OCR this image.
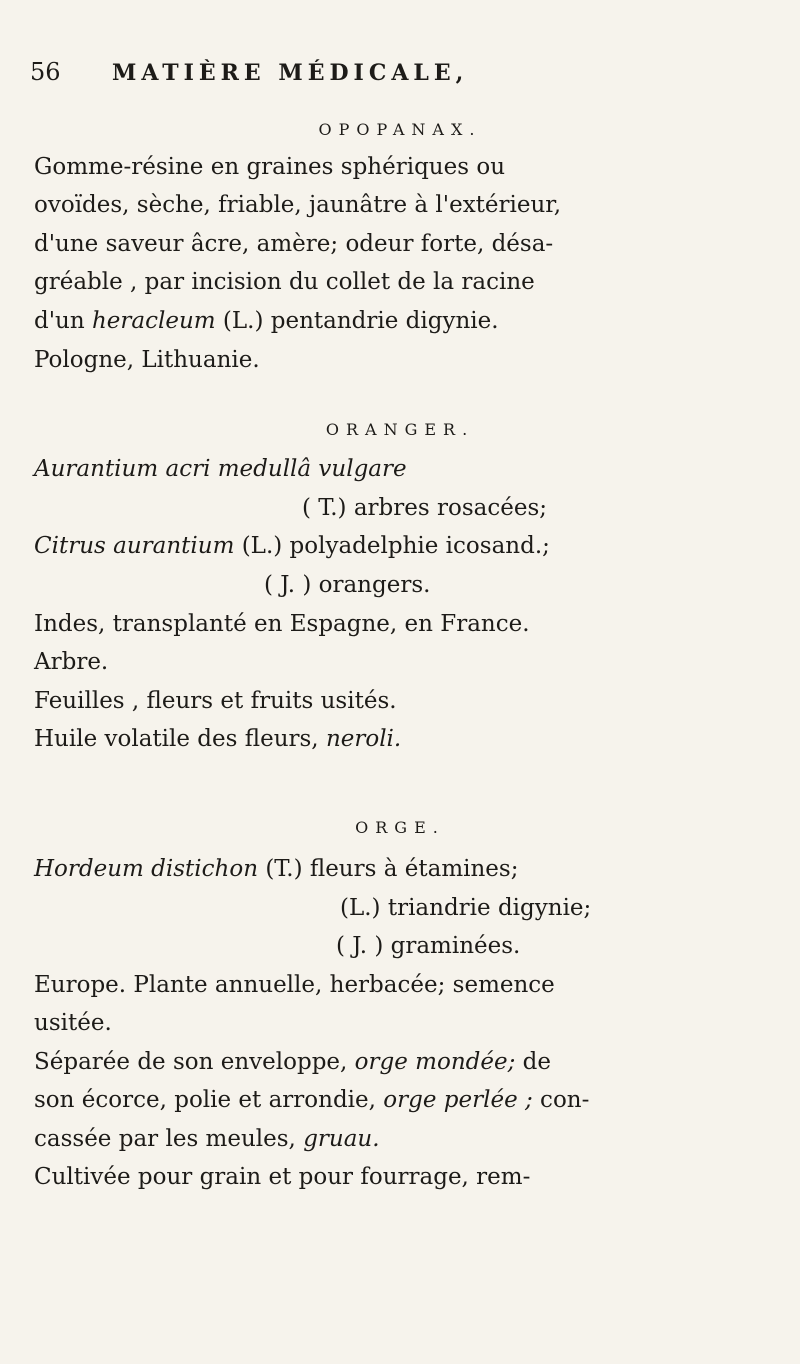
56 MATIÈRE MÉDICALE,
OPOPANAX.
Gomme-résine en graines sphériques ou
ovoïdes, sèche, friable, jaunâtre à l'extérieur,
d'une saveur âcre, amère; odeur forte, désa-
gréable , par incision du collet de la racine
d'un heracleum (L.) pentandrie digynie.
Pologne, Lithuanie.
ORANGER.
Aurantium acri medullâ vulgare
( T.) arbres rosacées;
Citrus aurantium (L.) polyadelphie icosand.;
( J. ) orangers.
Indes, transplanté en Espagne, en France.
Arbre.
Feuilles , fleurs et fruits usités.
Huile volatile des fleurs, neroli.
ORGE.
Hordeum distichon (T.) fleurs à étamines;
(L.) triandrie digynie;
( J. ) graminées.
Europe. Plante annuelle, herbacée; semence
usitée.
Séparée de son enveloppe, orge mondée; de
son écorce, polie et arrondie, orge perlée ; con-
cassée par les meules, gruau.
Cultivée pour grain et pour fourrage, rem-
